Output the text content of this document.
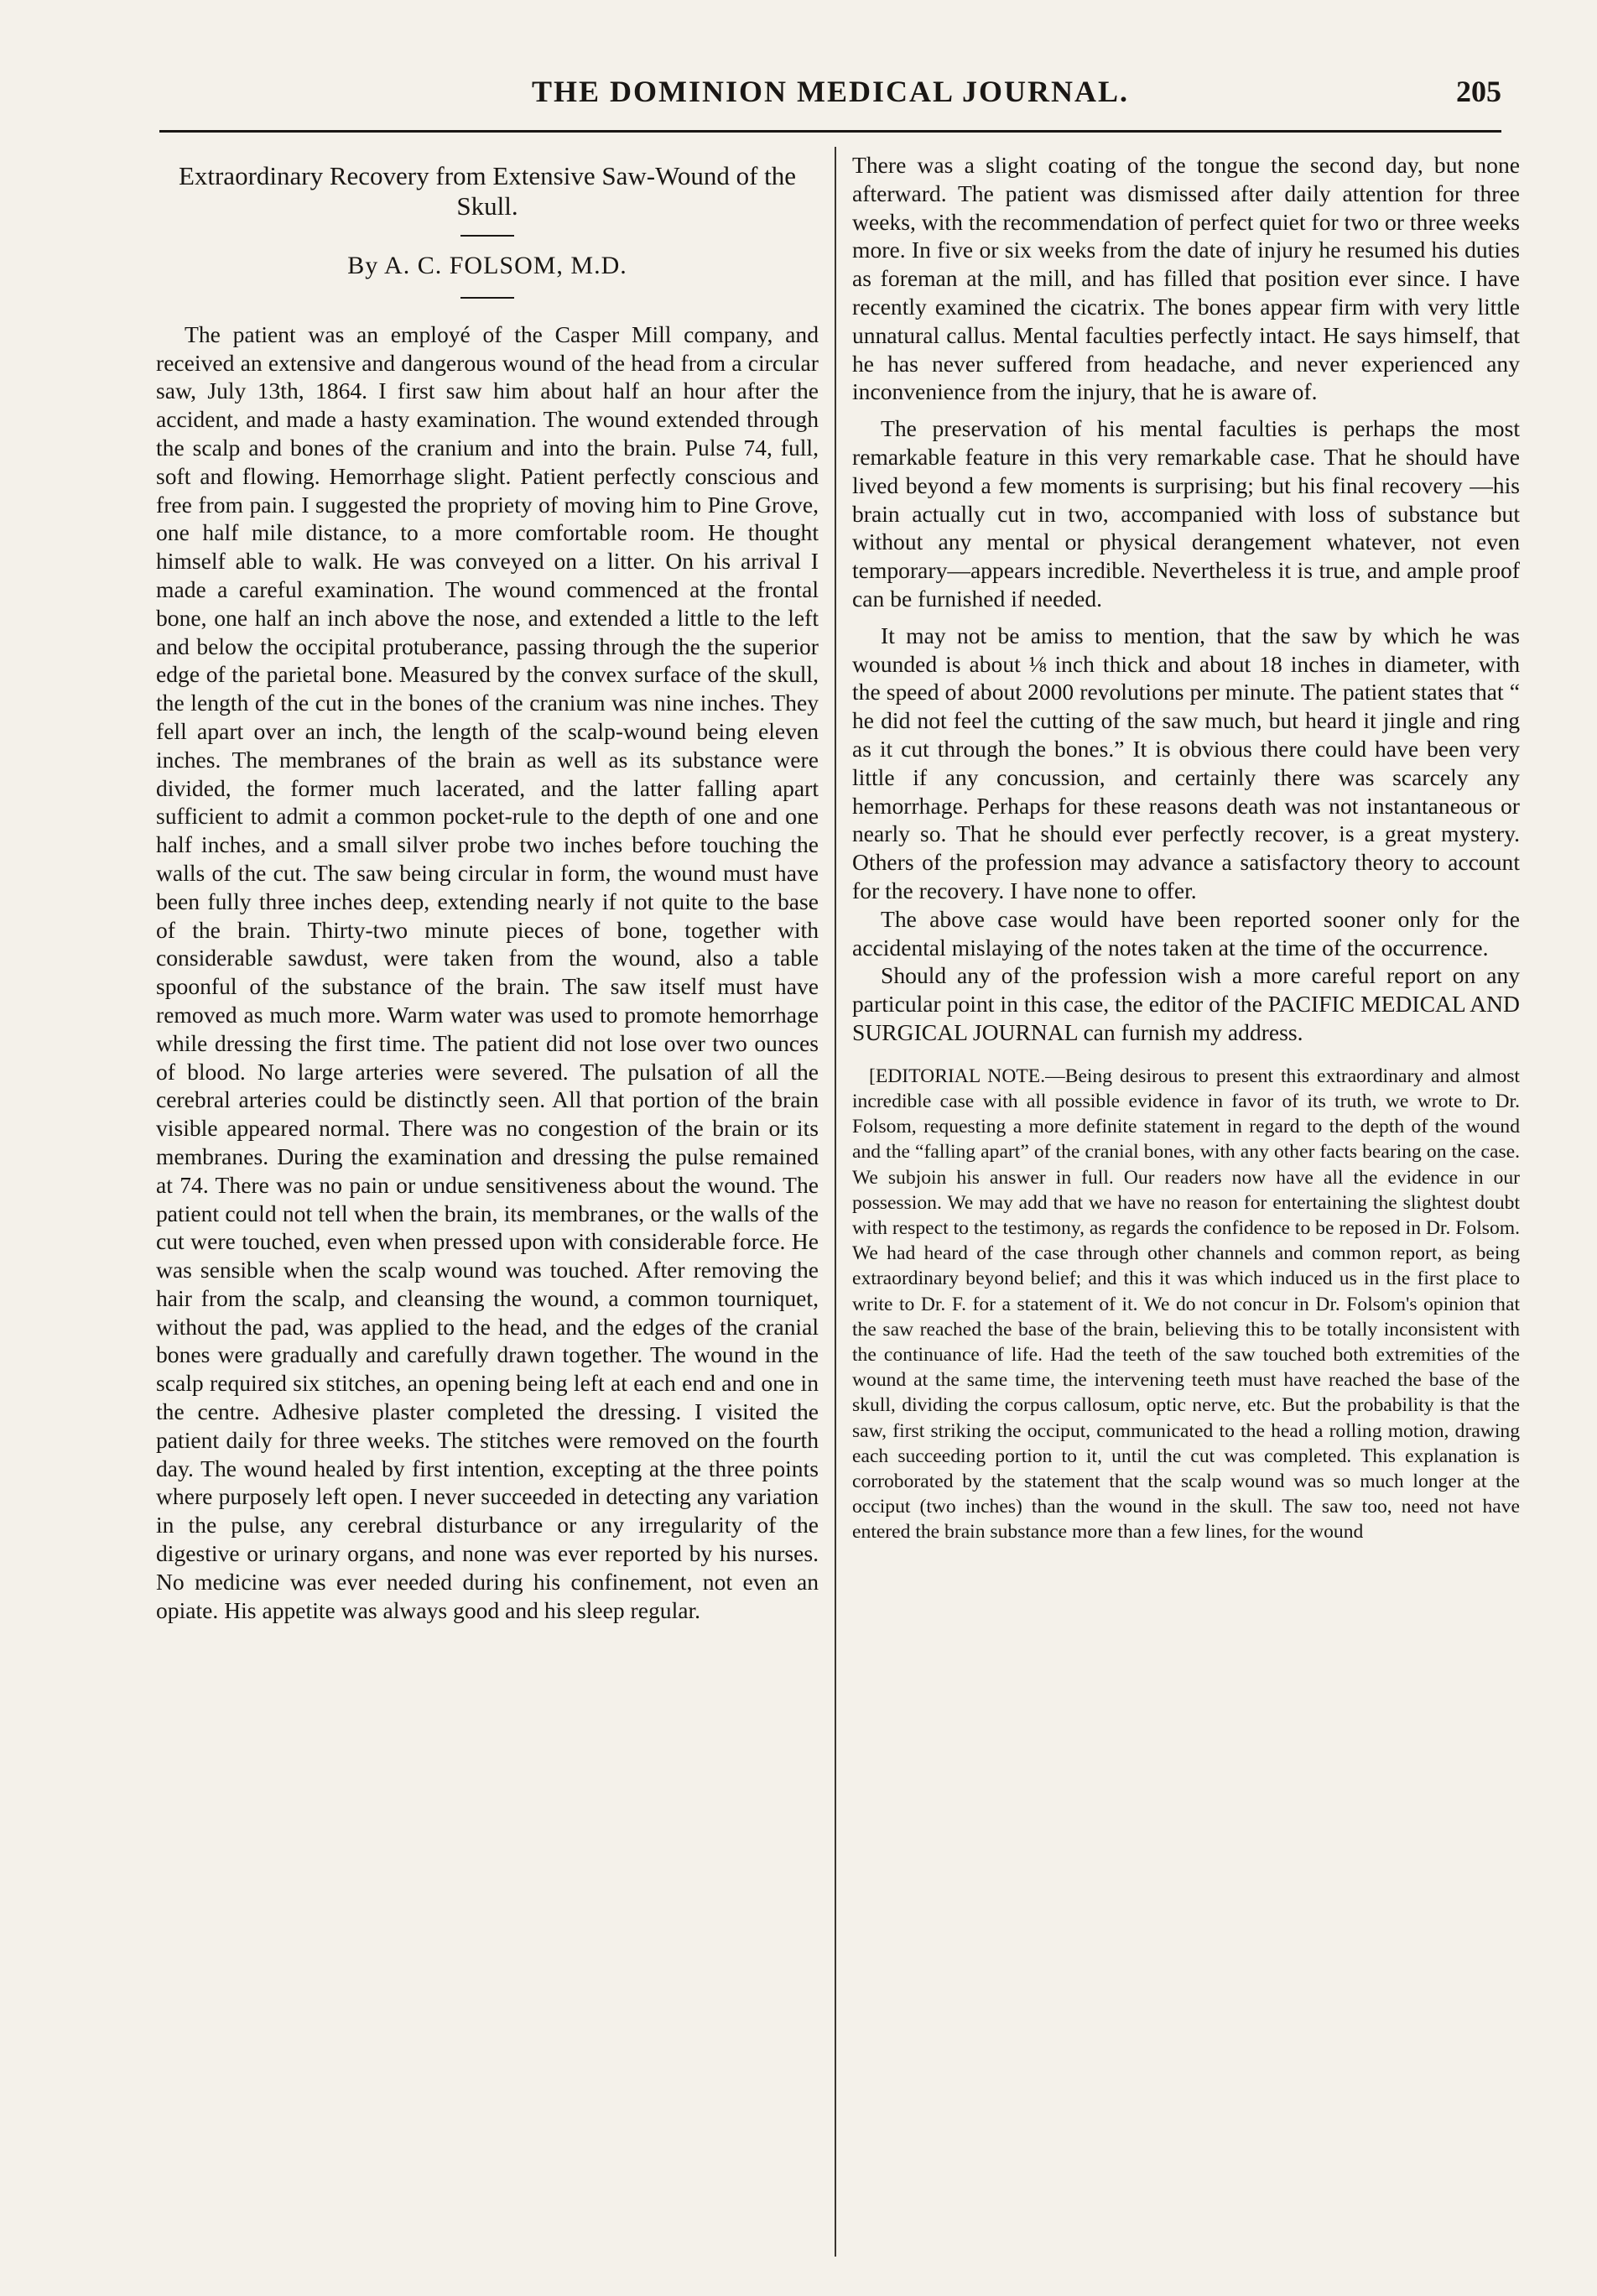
THE DOMINION MEDICAL JOURNAL.	205
Extraordinary Recovery from Extensive Saw-Wound of the Skull.
By A. C. FOLSOM, M.D.

The patient was an employé of the Casper Mill company, and received an extensive and dangerous wound of the head from a circular saw, July 13th, 1864. I first saw him about half an hour after the accident, and made a hasty examination. The wound extended through the scalp and bones of the cranium and into the brain. Pulse 74, full, soft and flowing. Hemorrhage slight. Patient perfectly conscious and free from pain. I suggested the propriety of moving him to Pine Grove, one half mile distance, to a more comfortable room. He thought himself able to walk. He was conveyed on a litter. On his arrival I made a careful examination. The wound commenced at the frontal bone, one half an inch above the nose, and extended a little to the left and below the occipital protuberance, passing through the the superior edge of the parietal bone. Measured by the convex surface of the skull, the length of the cut in the bones of the cranium was nine inches. They fell apart over an inch, the length of the scalp-wound being eleven inches. The membranes of the brain as well as its substance were divided, the former much lacerated, and the latter falling apart sufficient to admit a common pocket-rule to the depth of one and one half inches, and a small silver probe two inches before touching the walls of the cut. The saw being circular in form, the wound must have been fully three inches deep, extending nearly if not quite to the base of the brain. Thirty-two minute pieces of bone, together with considerable sawdust, were taken from the wound, also a table spoonful of the substance of the brain. The saw itself must have removed as much more. Warm water was used to promote hemorrhage while dressing the first time. The patient did not lose over two ounces of blood. No large arteries were severed. The pulsation of all the cerebral arteries could be distinctly seen. All that portion of the brain visible appeared normal. There was no congestion of the brain or its membranes. During the examination and dressing the pulse remained at 74. There was no pain or undue sensitiveness about the wound. The patient could not tell when the brain, its membranes, or the walls of the cut were touched, even when pressed upon with considerable force. He was sensible when the scalp wound was touched. After removing the hair from the scalp, and cleansing the wound, a common tourniquet, without the pad, was applied to the head, and the edges of the cranial bones were gradually and carefully drawn together. The wound in the scalp required six stitches, an opening being left at each end and one in the centre. Adhesive plaster completed the dressing. I visited the patient daily for three weeks. The stitches were removed on the fourth day. The wound healed by first intention, excepting at the three points where purposely left open. I never succeeded in detecting any variation in the pulse, any cerebral disturbance or any irregularity of the digestive or urinary organs, and none was ever reported by his nurses. No medicine was ever needed during his confinement, not even an opiate. His appetite was always good and his sleep regular.

There was a slight coating of the tongue the second day, but none afterward. The patient was dismissed after daily attention for three weeks, with the recommendation of perfect quiet for two or three weeks more. In five or six weeks from the date of injury he resumed his duties as foreman at the mill, and has filled that position ever since. I have recently examined the cicatrix. The bones appear firm with very little unnatural callus. Mental faculties perfectly intact. He says himself, that he has never suffered from headache, and never experienced any inconvenience from the injury, that he is aware of.

The preservation of his mental faculties is perhaps the most remarkable feature in this very remarkable case. That he should have lived beyond a few moments is surprising; but his final recovery —his brain actually cut in two, accompanied with loss of substance but without any mental or physical derangement whatever, not even temporary—appears incredible. Nevertheless it is true, and ample proof can be furnished if needed.

It may not be amiss to mention, that the saw by which he was wounded is about ⅛ inch thick and about 18 inches in diameter, with the speed of about 2000 revolutions per minute. The patient states that “ he did not feel the cutting of the saw much, but heard it jingle and ring as it cut through the bones.” It is obvious there could have been very little if any concussion, and certainly there was scarcely any hemorrhage. Perhaps for these reasons death was not instantaneous or nearly so. That he should ever perfectly recover, is a great mystery. Others of the profession may advance a satisfactory theory to account for the recovery. I have none to offer.

The above case would have been reported sooner only for the accidental mislaying of the notes taken at the time of the occurrence.

Should any of the profession wish a more careful report on any particular point in this case, the editor of the PACIFIC MEDICAL AND SURGICAL JOURNAL can furnish my address.

[EDITORIAL NOTE.—Being desirous to present this extraordinary and almost incredible case with all possible evidence in favor of its truth, we wrote to Dr. Folsom, requesting a more definite statement in regard to the depth of the wound and the “falling apart” of the cranial bones, with any other facts bearing on the case. We subjoin his answer in full. Our readers now have all the evidence in our possession. We may add that we have no reason for entertaining the slightest doubt with respect to the testimony, as regards the confidence to be reposed in Dr. Folsom. We had heard of the case through other channels and common report, as being extraordinary beyond belief; and this it was which induced us in the first place to write to Dr. F. for a statement of it. We do not concur in Dr. Folsom's opinion that the saw reached the base of the brain, believing this to be totally inconsistent with the continuance of life. Had the teeth of the saw touched both extremities of the wound at the same time, the intervening teeth must have reached the base of the skull, dividing the corpus callosum, optic nerve, etc. But the probability is that the saw, first striking the occiput, communicated to the head a rolling motion, drawing each succeeding portion to it, until the cut was completed. This explanation is corroborated by the statement that the scalp wound was so much longer at the occiput (two inches) than the wound in the skull. The saw too, need not have entered the brain substance more than a few lines, for the wound
